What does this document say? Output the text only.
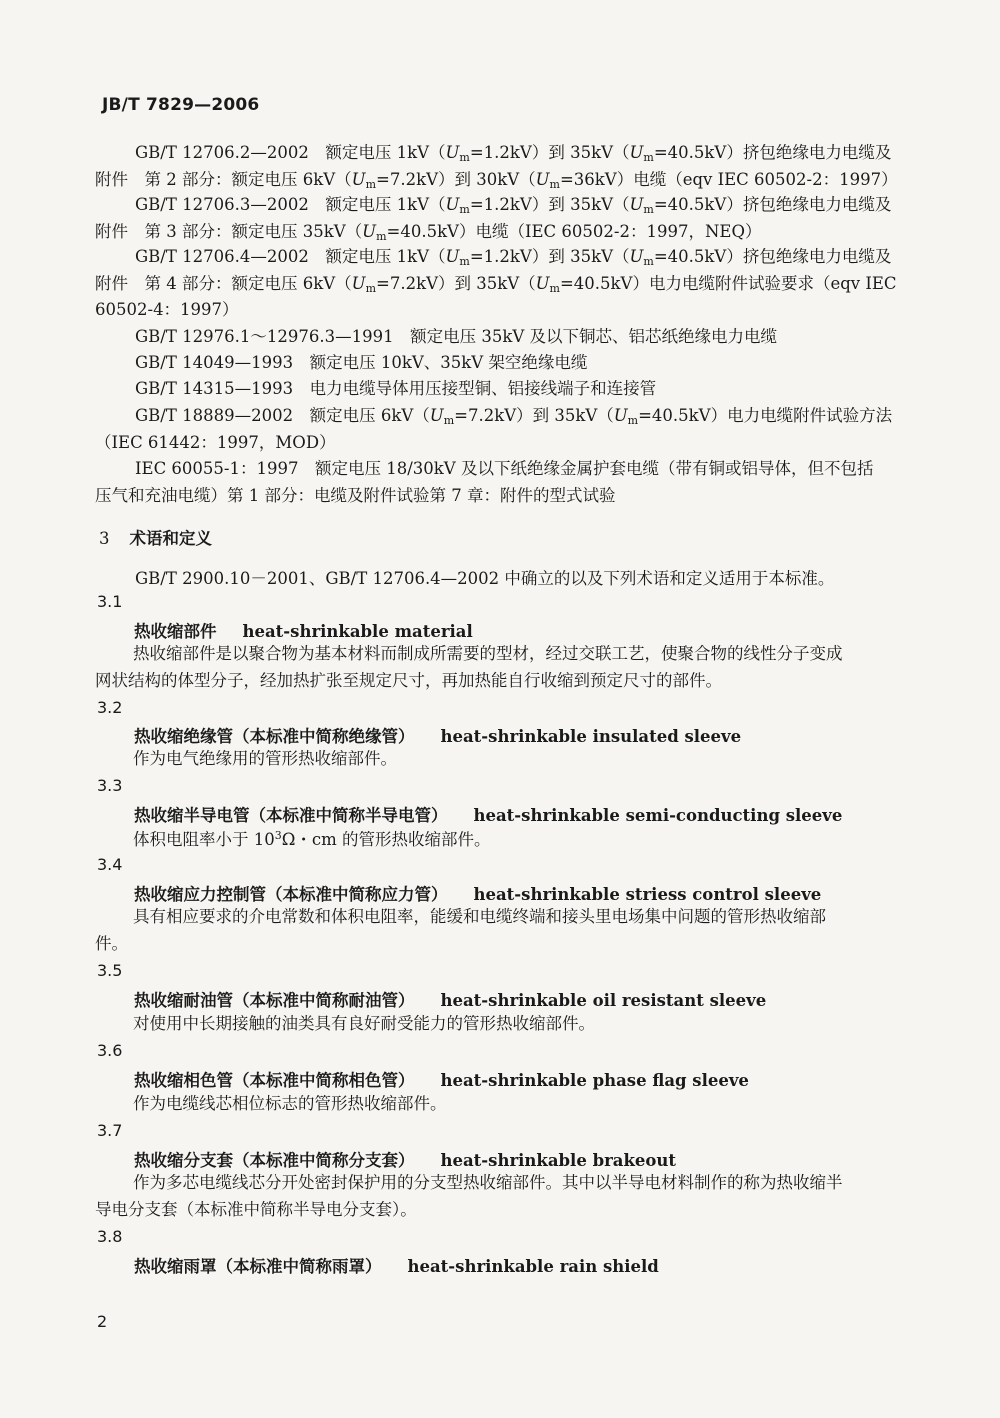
JB/T 7829—2006
GB/T 12706.2—2002　 额定电压 $1kV(U_m=1.2kV)$到 $35kV(U_m=40.5kV)$挤包绝缘电力电缆及
附件　第 2 部分：额定电压 $6kV(U_m=7.2kV)$到 $30kV(U_m=36kV)$电缆（eqv IEC 60502-2：1997）
GB/T 12706.3—2002　 额定电压 $1kV(U_m=1.2kV)$到 $35kV(U_m=40.5kV)$挤包绝缘电力电缆及
附件　第 3 部分：额定电压 $35kV(U_m=40.5kV)$电缆（IEC 60502-2：1997，NEQ）
GB/T 12706.4—2002　 额定电压 $1kV(U_m=1.2kV)$到 $35kV(U_m=40.5kV)$挤包绝缘电力电缆及
附件　第 4 部分：额定电压 $6kV(U_m=7.2kV)$到 $35kV(U_m=40.5kV)$电力电缆附件试验要求（eqv IEC
60502-4：1997）
GB/T 12976.1～12976.3—1991　 额定电压 35kV 及以下铜芯、铝芯纸绝缘电力电缆
GB/T 14049—1993　 额定电压 10kV、35kV 架空绝缘电缆
GB/T 14315—1993　 电力电缆导体用压接型铜、铝接线端子和连接管
GB/T 18889—2002　 额定电压 $6kV(U_m=7.2kV)$到 $35kV(U_m=40.5kV)$电力电缆附件试验方法
（IEC 61442：1997，MOD）
IEC 60055-1：1997　 额定电压 18/30kV 及以下纸绝缘金属护套电缆（带有铜或铝导体，但不包括
压气和充油电缆）第 1 部分：电缆及附件试验第 7 章：附件的型式试验
3 术语和定义
GB/T 2900.10－2001、GB/T 12706.4—2002 中确立的以及下列术语和定义适用于本标准。
3.1
热收缩部件 heat-shrinkable material
热收缩部件是以聚合物为基本材料而制成所需要的型材，经过交联工艺，使聚合物的线性分子变成
网状结构的体型分子，经加热扩张至规定尺寸，再加热能自行收缩到预定尺寸的部件。
3.2
热收缩绝缘管（本标准中简称绝缘管） heat-shrinkable insulated sleeve
作为电气绝缘用的管形热收缩部件。
3.3
热收缩半导电管（本标准中简称半导电管） heat-shrinkable semi-conducting sleeve
体积电阻率小于 $10^3\Omega$・cm 的管形热收缩部件。
3.4
热收缩应力控制管（本标准中简称应力管） heat-shrinkable striess control sleeve
具有相应要求的介电常数和体积电阻率，能缓和电缆终端和接头里电场集中问题的管形热收缩部
件。
3.5
热收缩耐油管（本标准中简称耐油管） heat-shrinkable oil resistant sleeve
对使用中长期接触的油类具有良好耐受能力的管形热收缩部件。
3.6
热收缩相色管（本标准中简称相色管） heat-shrinkable phase flag sleeve
作为电缆线芯相位标志的管形热收缩部件。
3.7
热收缩分支套（本标准中简称分支套） heat-shrinkable brakeout
作为多芯电缆线芯分开处密封保护用的分支型热收缩部件。其中以半导电材料制作的称为热收缩半
导电分支套（本标准中简称半导电分支套）。
3.8
热收缩雨罩（本标准中简称雨罩） heat-shrinkable rain shield
2
